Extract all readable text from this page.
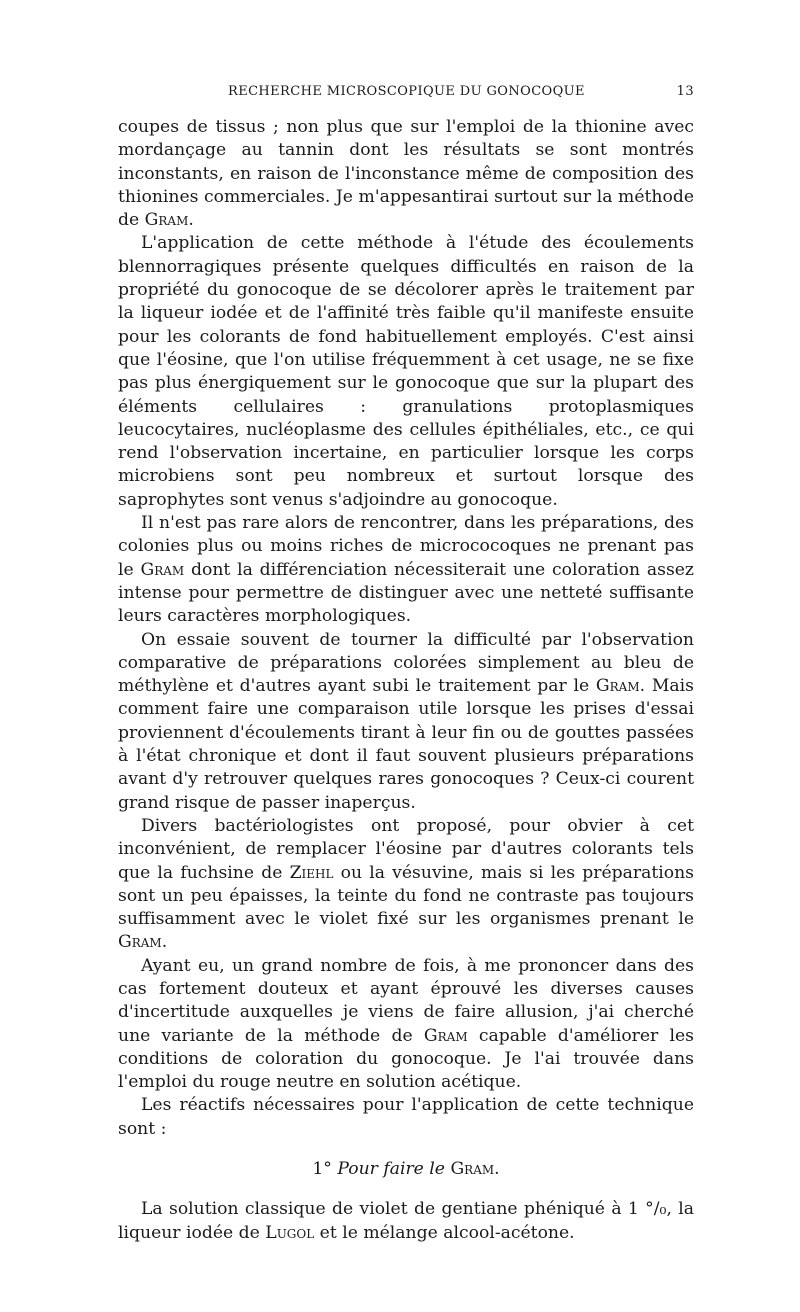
RECHERCHE MICROSCOPIQUE DU GONOCOQUE	13

coupes de tissus ; non plus que sur l'emploi de la thionine avec mordançage au tannin dont les résultats se sont montrés inconstants, en raison de l'inconstance même de composition des thionines commerciales. Je m'appesantirai surtout sur la méthode de Gram.

L'application de cette méthode à l'étude des écoulements blennorragiques présente quelques difficultés en raison de la propriété du gonocoque de se décolorer après le traitement par la liqueur iodée et de l'affinité très faible qu'il manifeste ensuite pour les colorants de fond habituellement employés. C'est ainsi que l'éosine, que l'on utilise fréquemment à cet usage, ne se fixe pas plus énergiquement sur le gonocoque que sur la plupart des éléments cellulaires : granulations protoplasmiques leucocytaires, nucléoplasme des cellules épithéliales, etc., ce qui rend l'observation incertaine, en particulier lorsque les corps microbiens sont peu nombreux et surtout lorsque des saprophytes sont venus s'adjoindre au gonocoque.

Il n'est pas rare alors de rencontrer, dans les préparations, des colonies plus ou moins riches de micrococoques ne prenant pas le Gram dont la différenciation nécessiterait une coloration assez intense pour permettre de distinguer avec une netteté suffisante leurs caractères morphologiques.

On essaie souvent de tourner la difficulté par l'observation comparative de préparations colorées simplement au bleu de méthylène et d'autres ayant subi le traitement par le Gram. Mais comment faire une comparaison utile lorsque les prises d'essai proviennent d'écoulements tirant à leur fin ou de gouttes passées à l'état chronique et dont il faut souvent plusieurs préparations avant d'y retrouver quelques rares gonocoques ? Ceux-ci courent grand risque de passer inaperçus.

Divers bactériologistes ont proposé, pour obvier à cet inconvénient, de remplacer l'éosine par d'autres colorants tels que la fuchsine de Ziehl ou la vésuvine, mais si les préparations sont un peu épaisses, la teinte du fond ne contraste pas toujours suffisamment avec le violet fixé sur les organismes prenant le Gram.

Ayant eu, un grand nombre de fois, à me prononcer dans des cas fortement douteux et ayant éprouvé les diverses causes d'incertitude auxquelles je viens de faire allusion, j'ai cherché une variante de la méthode de Gram capable d'améliorer les conditions de coloration du gonocoque. Je l'ai trouvée dans l'emploi du rouge neutre en solution acétique.

Les réactifs nécessaires pour l'application de cette technique sont :

1° Pour faire le Gram.

La solution classique de violet de gentiane phéniqué à 1 °/₀, la liqueur iodée de Lugol et le mélange alcool-acétone.
